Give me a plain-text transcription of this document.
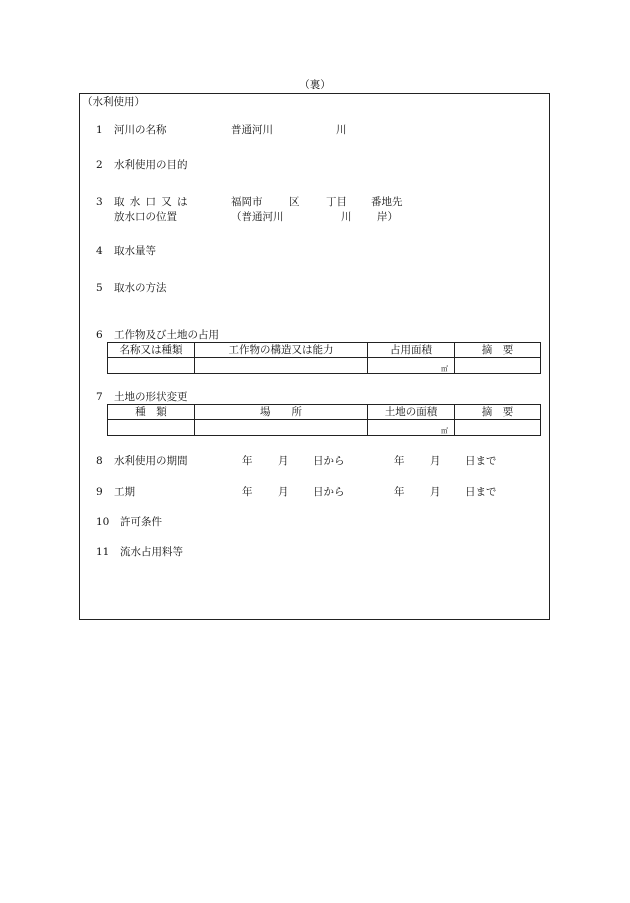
（裏）
（水利使用）
1 河川の名称	普通河川	川
2 水利使用の目的
3 取水口又は
放水口の位置
福岡市	区	丁目 番地先
（普通河川	川 岸）
4 取水量等
5 取水の方法
6 工作物及び土地の占用
名称又は種類	工作物の構造又は能力	占用面積	摘　要
		㎡	
7 土地の形状変更
種　類	場　　所	土地の面積	摘　要
		㎡	
8 水利使用の期間	年 月 日から	年 月 日まで
9 工期	年 月 日から	年 月 日まで
10 許可条件
11 流水占用料等
